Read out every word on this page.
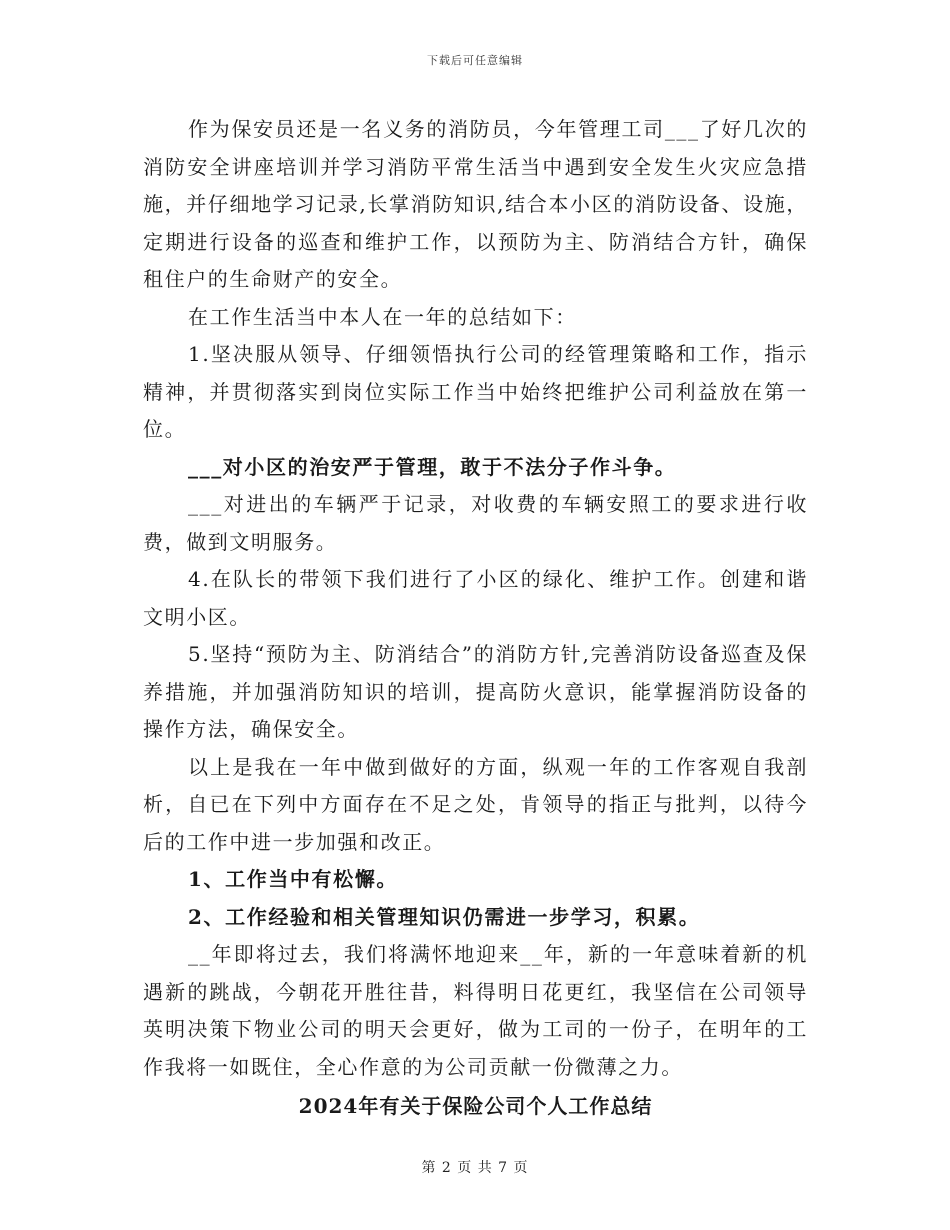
下载后可任意编辑

作为保安员还是一名义务的消防员，今年管理工司___了好几次的消防安全讲座培训并学习消防平常生活当中遇到安全发生火灾应急措施，并仔细地学习记录,长掌消防知识,结合本小区的消防设备、设施，定期进行设备的巡查和维护工作，以预防为主、防消结合方针，确保租住户的生命财产的安全。

在工作生活当中本人在一年的总结如下：

1.坚决服从领导、仔细领悟执行公司的经管理策略和工作，指示精神，并贯彻落实到岗位实际工作当中始终把维护公司利益放在第一位。

___对小区的治安严于管理，敢于不法分子作斗争。

___对进出的车辆严于记录，对收费的车辆安照工的要求进行收费，做到文明服务。

4.在队长的带领下我们进行了小区的绿化、维护工作。创建和谐文明小区。

5.坚持“预防为主、防消结合”的消防方针,完善消防设备巡查及保养措施，并加强消防知识的培训，提高防火意识，能掌握消防设备的操作方法，确保安全。

以上是我在一年中做到做好的方面，纵观一年的工作客观自我剖析，自已在下列中方面存在不足之处，肯领导的指正与批判，以待今后的工作中进一步加强和改正。

1、工作当中有松懈。

2、工作经验和相关管理知识仍需进一步学习，积累。

__年即将过去，我们将满怀地迎来__年，新的一年意味着新的机遇新的跳战，今朝花开胜往昔，料得明日花更红，我坚信在公司领导英明决策下物业公司的明天会更好，做为工司的一份子，在明年的工作我将一如既住，全心作意的为公司贡献一份微薄之力。

2024年有关于保险公司个人工作总结

第 2 页 共 7 页
